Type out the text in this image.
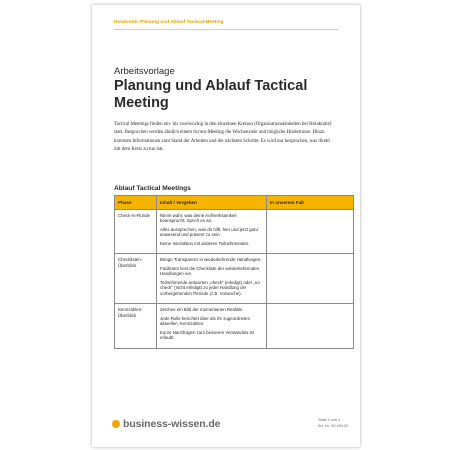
Holakratie: Planung und Ablauf Tactical Meeting
Arbeitsvorlage
Planung und Ablauf Tactical Meeting
Tactical Meetings finden ein- bis zweiwöchig in den einzelnen Kreisen (Organisationseinheiten bei Holakratie) statt. Besprochen werden ähnlich einem Scrum-Meeting die Wochenziele und mögliche Hindernisse. Hinzu kommen Informationen zum Stand der Arbeiten und die nächsten Schritte. Es wird nur besprochen, was direkt mit dem Kreis zu tun hat.
Ablauf Tactical Meetings
Phase	Inhalt / Vorgehen	In unserem Fall
Check-In-Runde	Nimm wahr, was deine Aufmerksamkeit beansprucht. Sprich es an.

Alles aussprechen, was dir hilft, hier und jetzt ganz anwesend und präsent zu sein.

Keine Interaktion mit anderen Teilnehmenden.	

Checklisten-Überblick	Bringe Transparenz in wiederkehrende Handlungen.

Facilitator liest die Checkliste der wiederkehrenden Handlungen vor.

Teilnehmende antworten „check" (erledigt) oder „no check" (nicht erledigt) zu jeder Handlung der vorhergehenden Periode (z.B. Vorwoche).	

Kennzahlen-Überblick	Zeichne ein Bild der momentanen Realität.

Jede Rolle berichtet über die ihr zugeordneten aktuellen, Kennzahlen.

Kurze Nachfragen zum besseren Verständnis ist erlaubt.	

business-wissen.de	Seite 1 von 2
Art.-Nr. 99.180.03
